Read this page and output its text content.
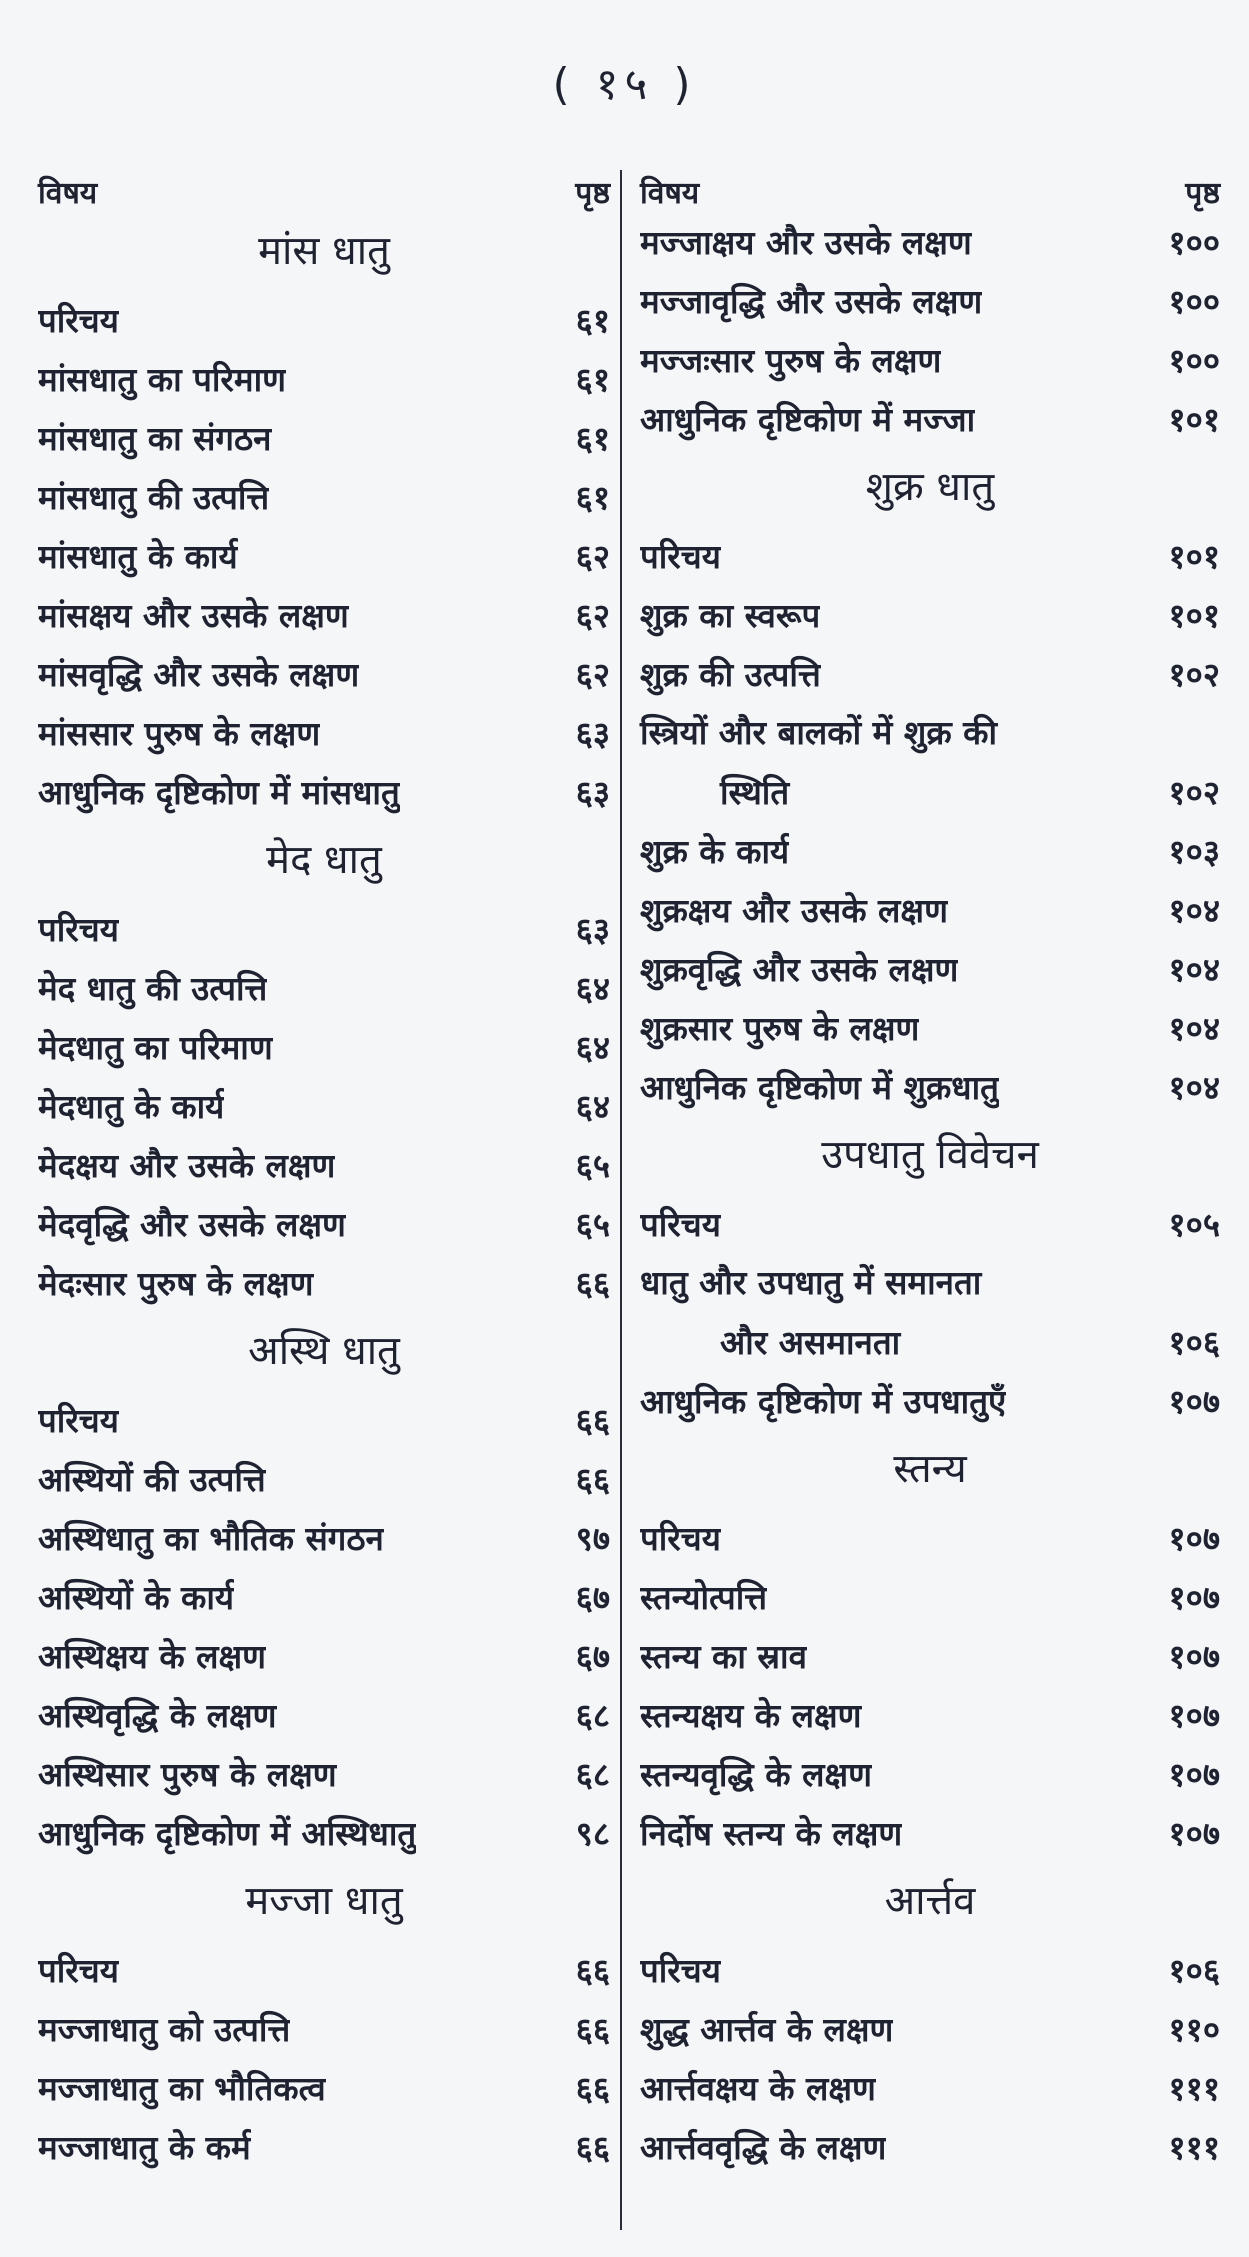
( १५ )
विषय	पृष्ठ
मांस धातु
परिचय	६१
मांसधातु का परिमाण	६१
मांसधातु का संगठन	६१
मांसधातु की उत्पत्ति	६१
मांसधातु के कार्य	६२
मांसक्षय और उसके लक्षण	६२
मांसवृद्धि और उसके लक्षण	६२
मांससार पुरुष के लक्षण	६३
आधुनिक दृष्टिकोण में मांसधातु	६३
मेद धातु
परिचय	६३
मेद धातु की उत्पत्ति	६४
मेदधातु का परिमाण	६४
मेदधातु के कार्य	६४
मेदक्षय और उसके लक्षण	६५
मेदवृद्धि और उसके लक्षण	६५
मेदःसार पुरुष के लक्षण	६६
अस्थि धातु
परिचय	६६
अस्थियों की उत्पत्ति	६६
अस्थिधातु का भौतिक संगठन	९७
अस्थियों के कार्य	६७
अस्थिक्षय के लक्षण	६७
अस्थिवृद्धि के लक्षण	६८
अस्थिसार पुरुष के लक्षण	६८
आधुनिक दृष्टिकोण में अस्थिधातु	९८
मज्जा धातु
परिचय	६६
मज्जाधातु को उत्पत्ति	६६
मज्जाधातु का भौतिकत्व	६६
मज्जाधातु के कर्म	६६
विषय	पृष्ठ
मज्जाक्षय और उसके लक्षण	१००
मज्जावृद्धि और उसके लक्षण	१००
मज्जःसार पुरुष के लक्षण	१००
आधुनिक दृष्टिकोण में मज्जा	१०१
शुक्र धातु
परिचय	१०१
शुक्र का स्वरूप	१०१
शुक्र की उत्पत्ति	१०२
स्त्रियों और बालकों में शुक्र की
स्थिति	१०२
शुक्र के कार्य	१०३
शुक्रक्षय और उसके लक्षण	१०४
शुक्रवृद्धि और उसके लक्षण	१०४
शुक्रसार पुरुष के लक्षण	१०४
आधुनिक दृष्टिकोण में शुक्रधातु	१०४
उपधातु विवेचन
परिचय	१०५
धातु और उपधातु में समानता
और असमानता	१०६
आधुनिक दृष्टिकोण में उपधातुएँ	१०७
स्तन्य
परिचय	१०७
स्तन्योत्पत्ति	१०७
स्तन्य का स्राव	१०७
स्तन्यक्षय के लक्षण	१०७
स्तन्यवृद्धि के लक्षण	१०७
निर्दोष स्तन्य के लक्षण	१०७
आर्त्तव
परिचय	१०६
शुद्ध आर्त्तव के लक्षण	११०
आर्त्तवक्षय के लक्षण	१११
आर्त्तववृद्धि के लक्षण	१११
